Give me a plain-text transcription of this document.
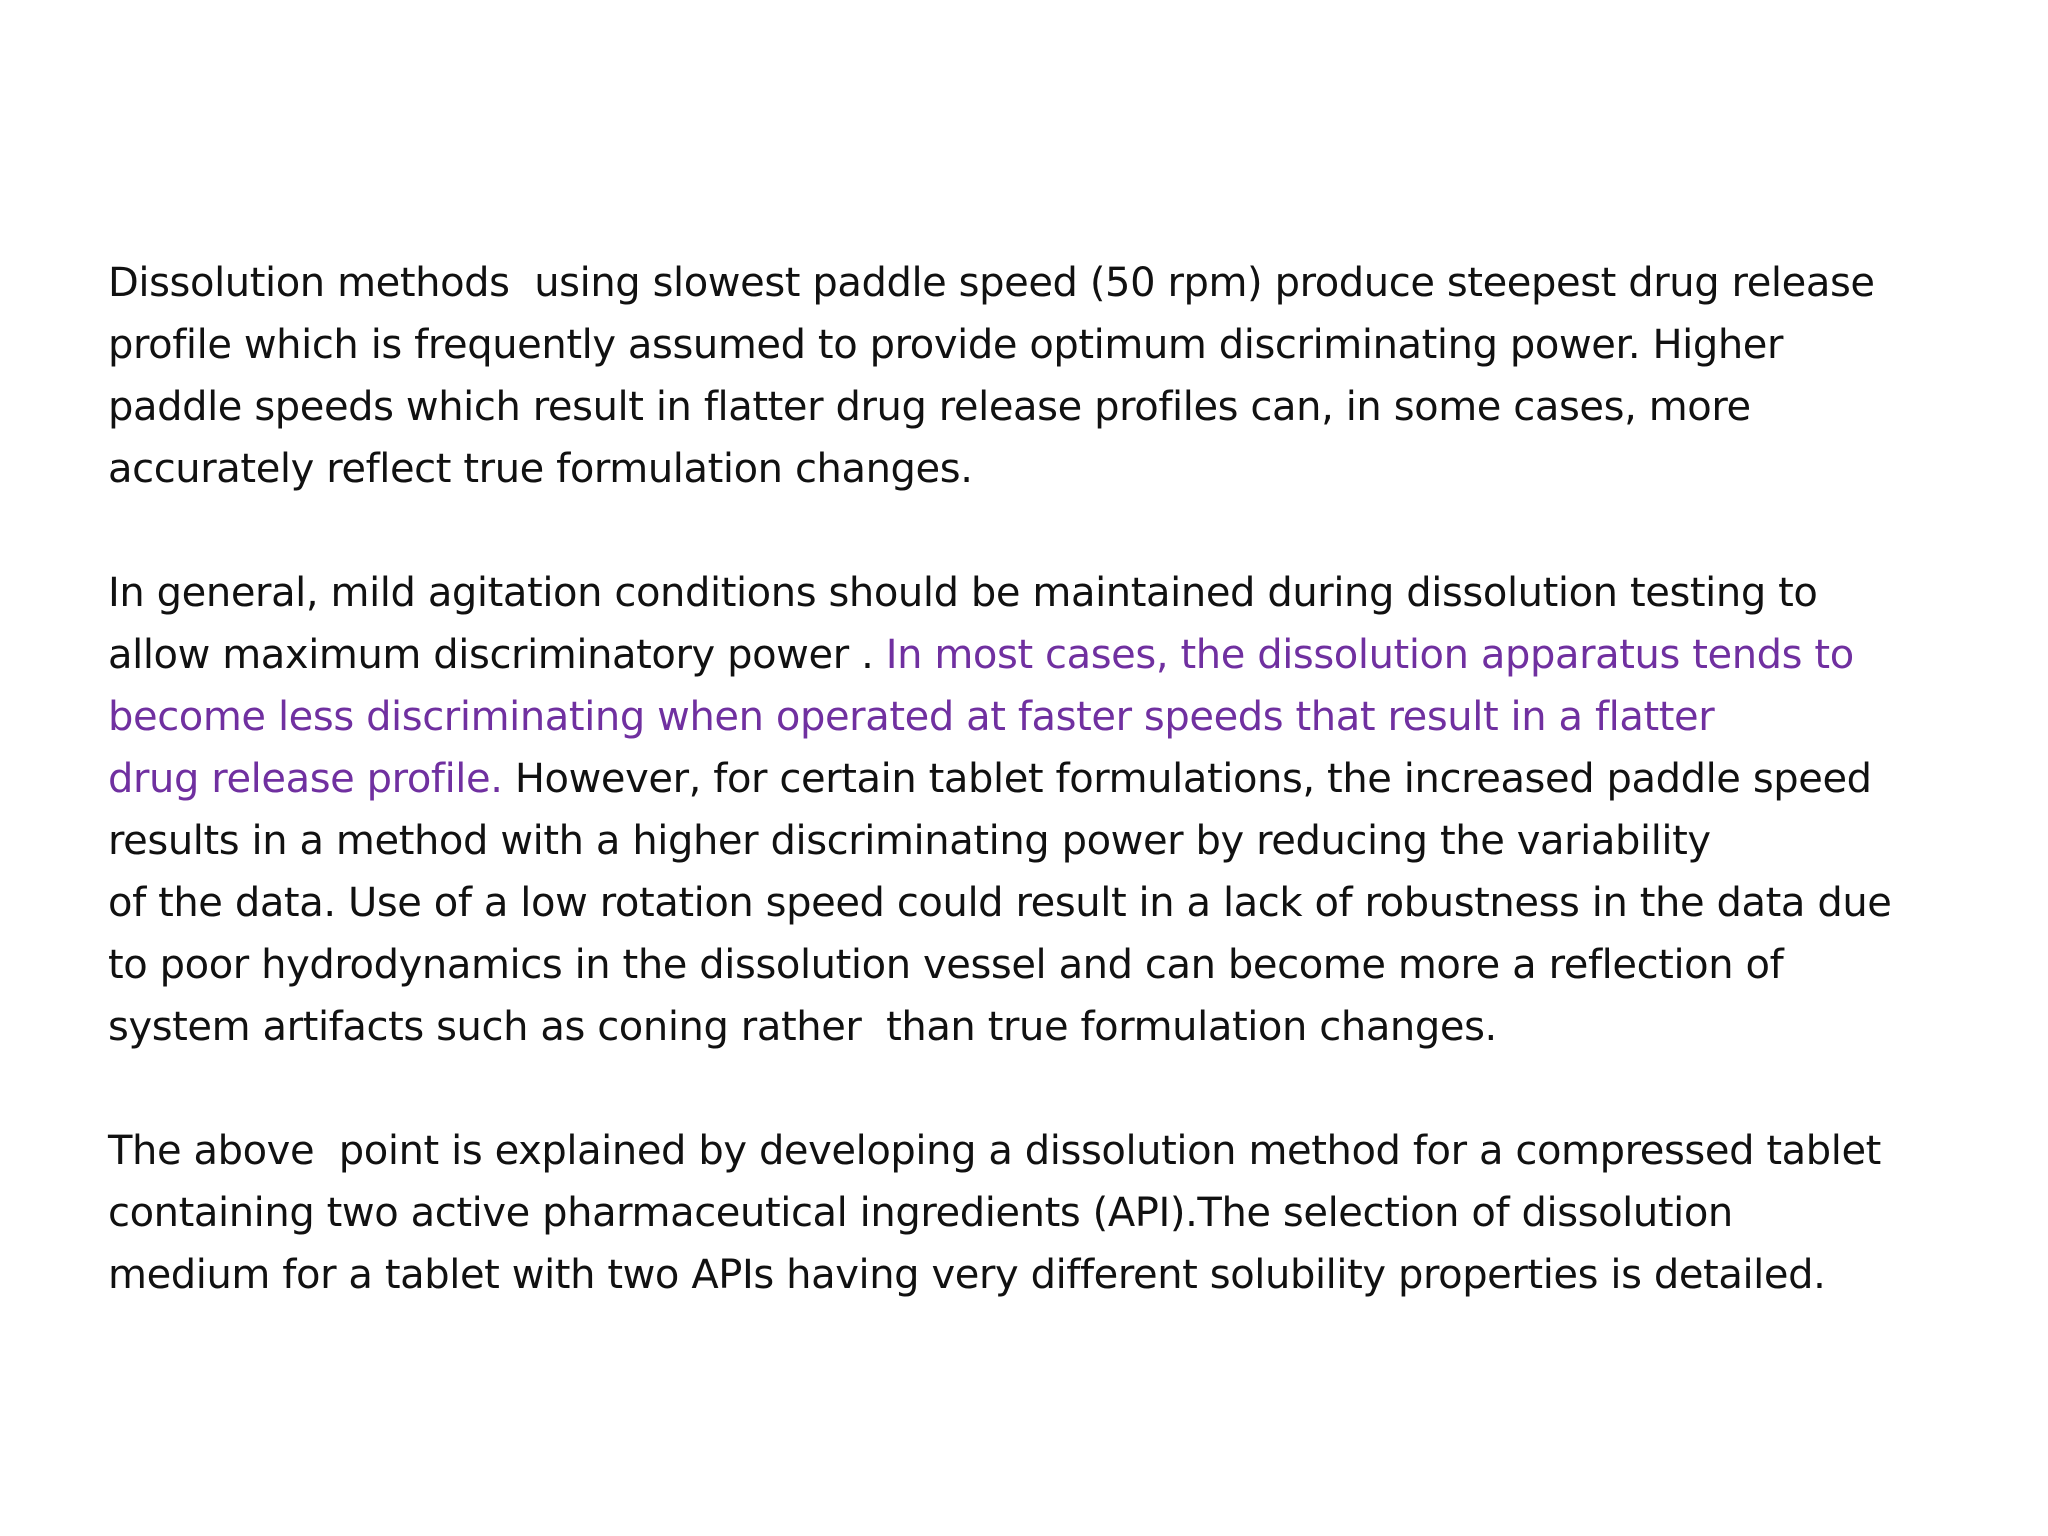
Dissolution methods  using slowest paddle speed (50 rpm) produce steepest drug release
profile which is frequently assumed to provide optimum discriminating power. Higher
paddle speeds which result in flatter drug release profiles can, in some cases, more
accurately reflect true formulation changes.
In general, mild agitation conditions should be maintained during dissolution testing to
allow maximum discriminatory power . In most cases, the dissolution apparatus tends to
become less discriminating when operated at faster speeds that result in a flatter
drug release profile. However, for certain tablet formulations, the increased paddle speed
results in a method with a higher discriminating power by reducing the variability
of the data. Use of a low rotation speed could result in a lack of robustness in the data due
to poor hydrodynamics in the dissolution vessel and can become more a reflection of
system artifacts such as coning rather  than true formulation changes.
The above  point is explained by developing a dissolution method for a compressed tablet
containing two active pharmaceutical ingredients (API).The selection of dissolution
medium for a tablet with two APIs having very different solubility properties is detailed.
